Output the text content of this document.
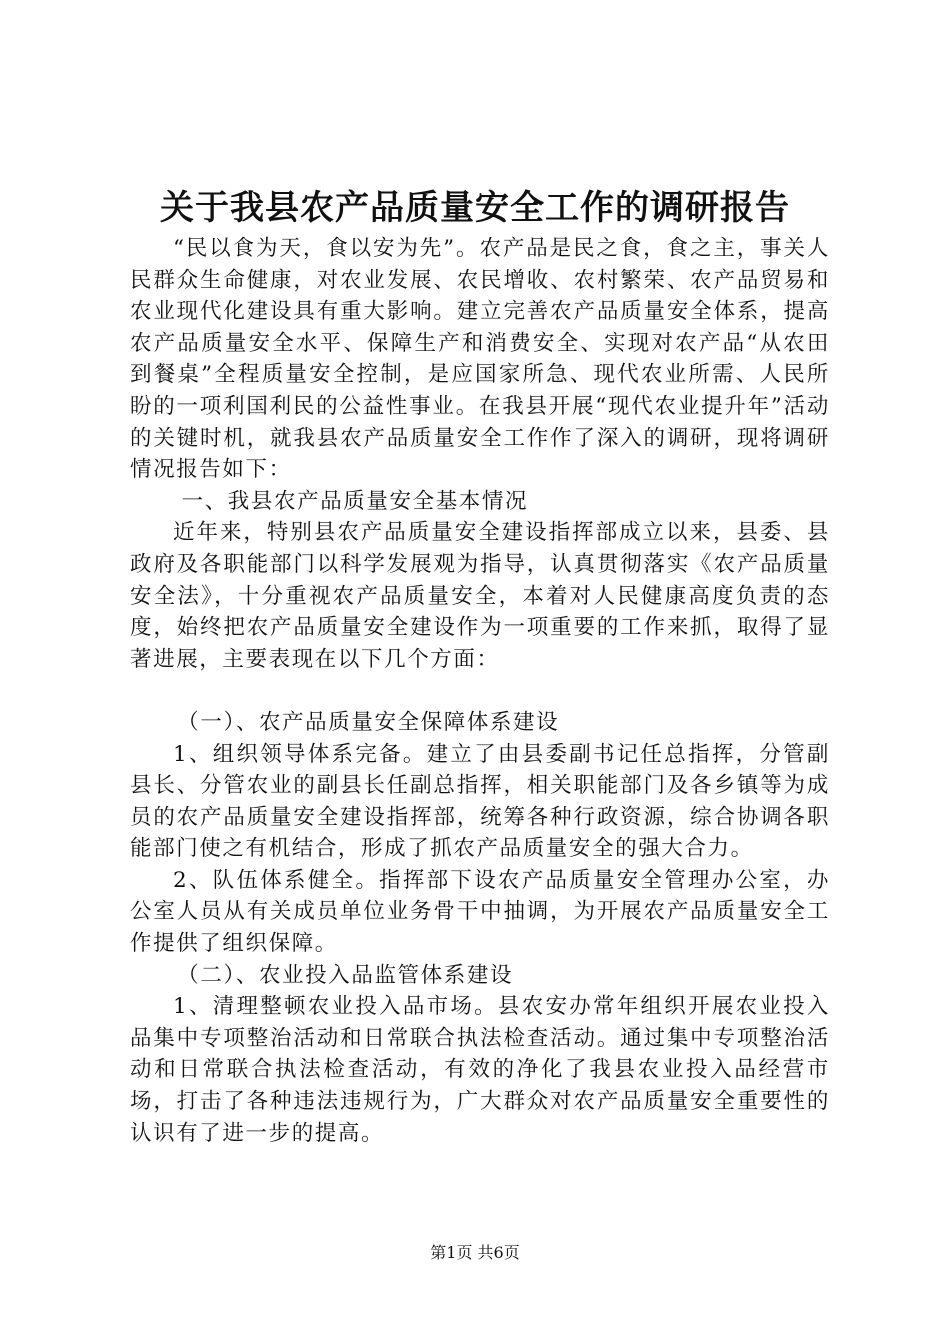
关于我县农产品质量安全工作的调研报告

“民以食为天，食以安为先”。农产品是民之食，食之主，事关人民群众生命健康，对农业发展、农民增收、农村繁荣、农产品贸易和农业现代化建设具有重大影响。建立完善农产品质量安全体系，提高农产品质量安全水平、保障生产和消费安全、实现对农产品“从农田到餐桌”全程质量安全控制，是应国家所急、现代农业所需、人民所盼的一项利国利民的公益性事业。在我县开展“现代农业提升年”活动的关键时机，就我县农产品质量安全工作作了深入的调研，现将调研情况报告如下：

一、我县农产品质量安全基本情况

近年来，特别县农产品质量安全建设指挥部成立以来，县委、县政府及各职能部门以科学发展观为指导，认真贯彻落实《农产品质量安全法》，十分重视农产品质量安全，本着对人民健康高度负责的态度，始终把农产品质量安全建设作为一项重要的工作来抓，取得了显著进展，主要表现在以下几个方面：

（一）、农产品质量安全保障体系建设

1、组织领导体系完备。建立了由县委副书记任总指挥，分管副县长、分管农业的副县长任副总指挥，相关职能部门及各乡镇等为成员的农产品质量安全建设指挥部，统筹各种行政资源，综合协调各职能部门使之有机结合，形成了抓农产品质量安全的强大合力。

2、队伍体系健全。指挥部下设农产品质量安全管理办公室，办公室人员从有关成员单位业务骨干中抽调，为开展农产品质量安全工作提供了组织保障。

（二）、农业投入品监管体系建设

1、清理整顿农业投入品市场。县农安办常年组织开展农业投入品集中专项整治活动和日常联合执法检查活动。通过集中专项整治活动和日常联合执法检查活动，有效的净化了我县农业投入品经营市场，打击了各种违法违规行为，广大群众对农产品质量安全重要性的认识有了进一步的提高。

第1页 共6页
